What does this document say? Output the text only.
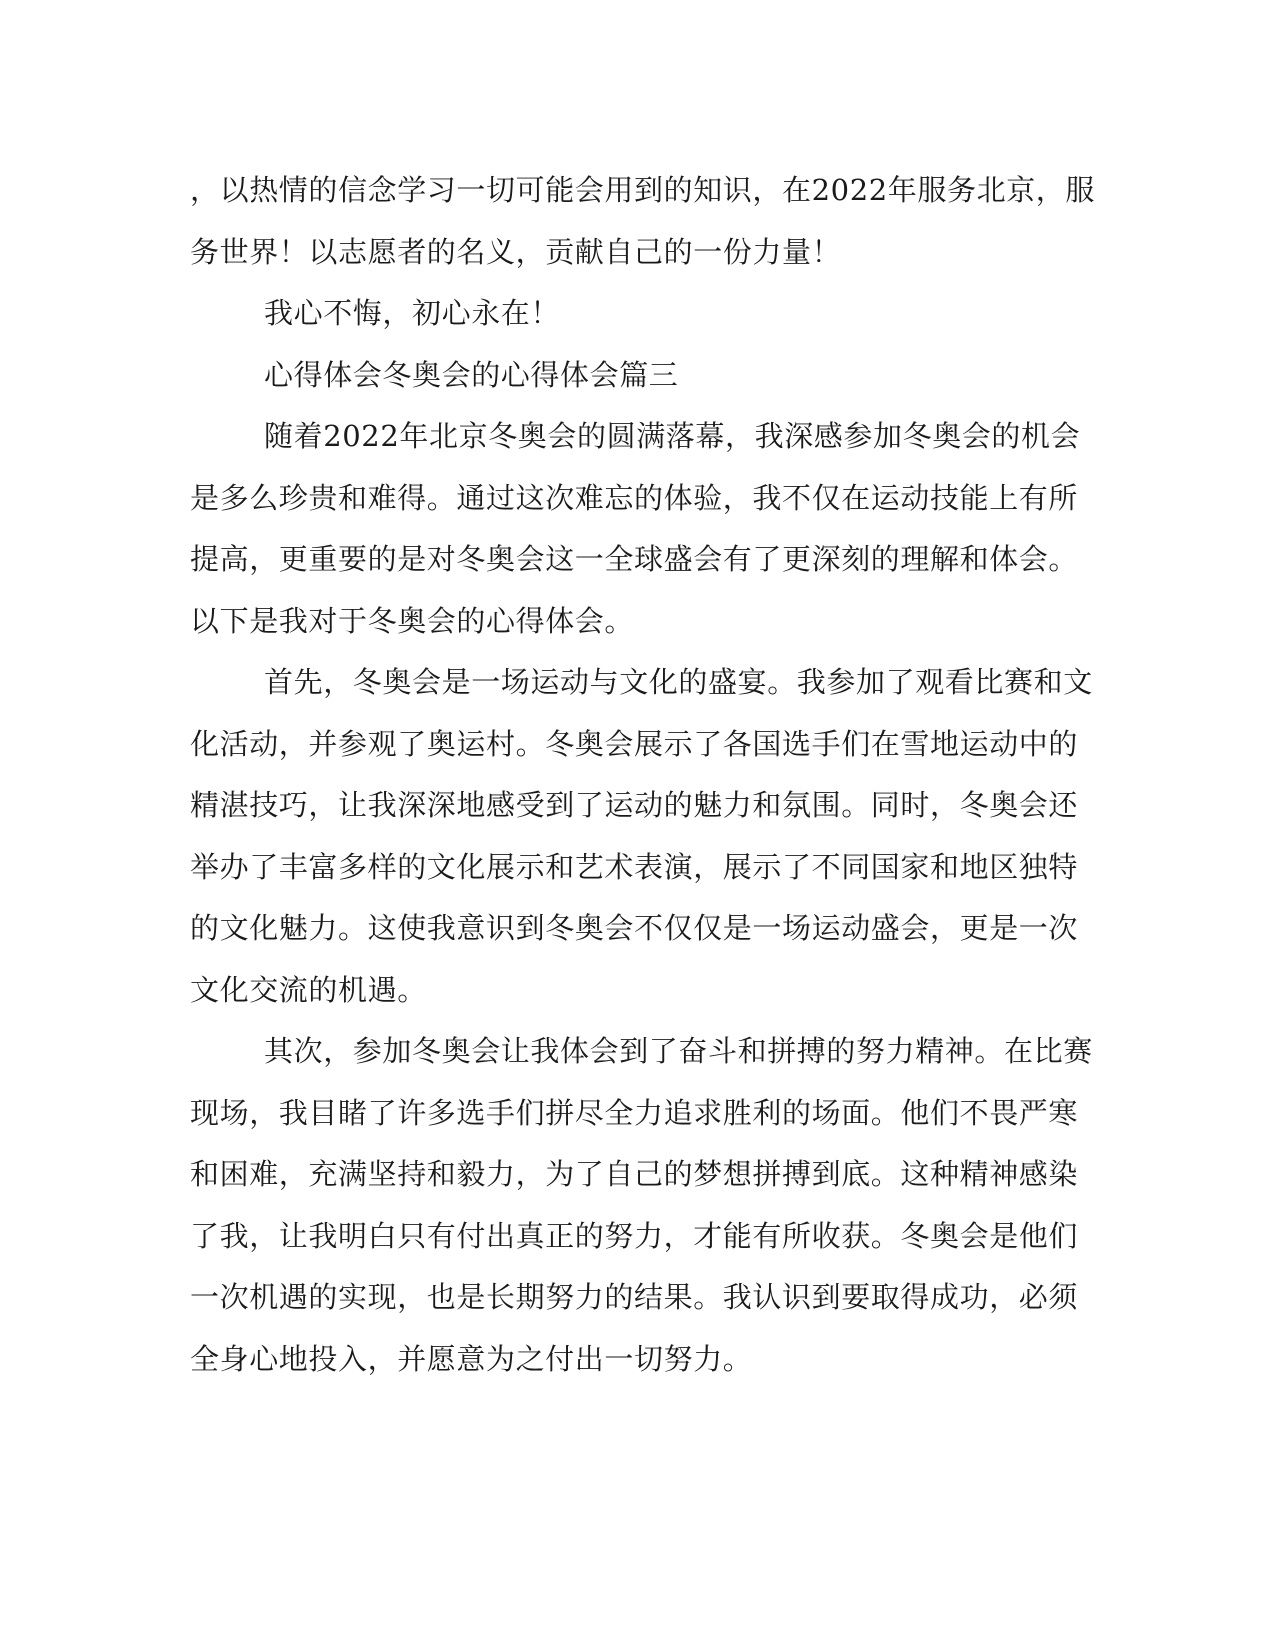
，以热情的信念学习一切可能会用到的知识，在2022年服务北京，服
务世界！以志愿者的名义，贡献自己的一份力量！
我心不悔，初心永在！
心得体会冬奥会的心得体会篇三
随着2022年北京冬奥会的圆满落幕，我深感参加冬奥会的机会
是多么珍贵和难得。通过这次难忘的体验，我不仅在运动技能上有所
提高，更重要的是对冬奥会这一全球盛会有了更深刻的理解和体会。
以下是我对于冬奥会的心得体会。
首先，冬奥会是一场运动与文化的盛宴。我参加了观看比赛和文
化活动，并参观了奥运村。冬奥会展示了各国选手们在雪地运动中的
精湛技巧，让我深深地感受到了运动的魅力和氛围。同时，冬奥会还
举办了丰富多样的文化展示和艺术表演，展示了不同国家和地区独特
的文化魅力。这使我意识到冬奥会不仅仅是一场运动盛会，更是一次
文化交流的机遇。
其次，参加冬奥会让我体会到了奋斗和拼搏的努力精神。在比赛
现场，我目睹了许多选手们拼尽全力追求胜利的场面。他们不畏严寒
和困难，充满坚持和毅力，为了自己的梦想拼搏到底。这种精神感染
了我，让我明白只有付出真正的努力，才能有所收获。冬奥会是他们
一次机遇的实现，也是长期努力的结果。我认识到要取得成功，必须
全身心地投入，并愿意为之付出一切努力。
